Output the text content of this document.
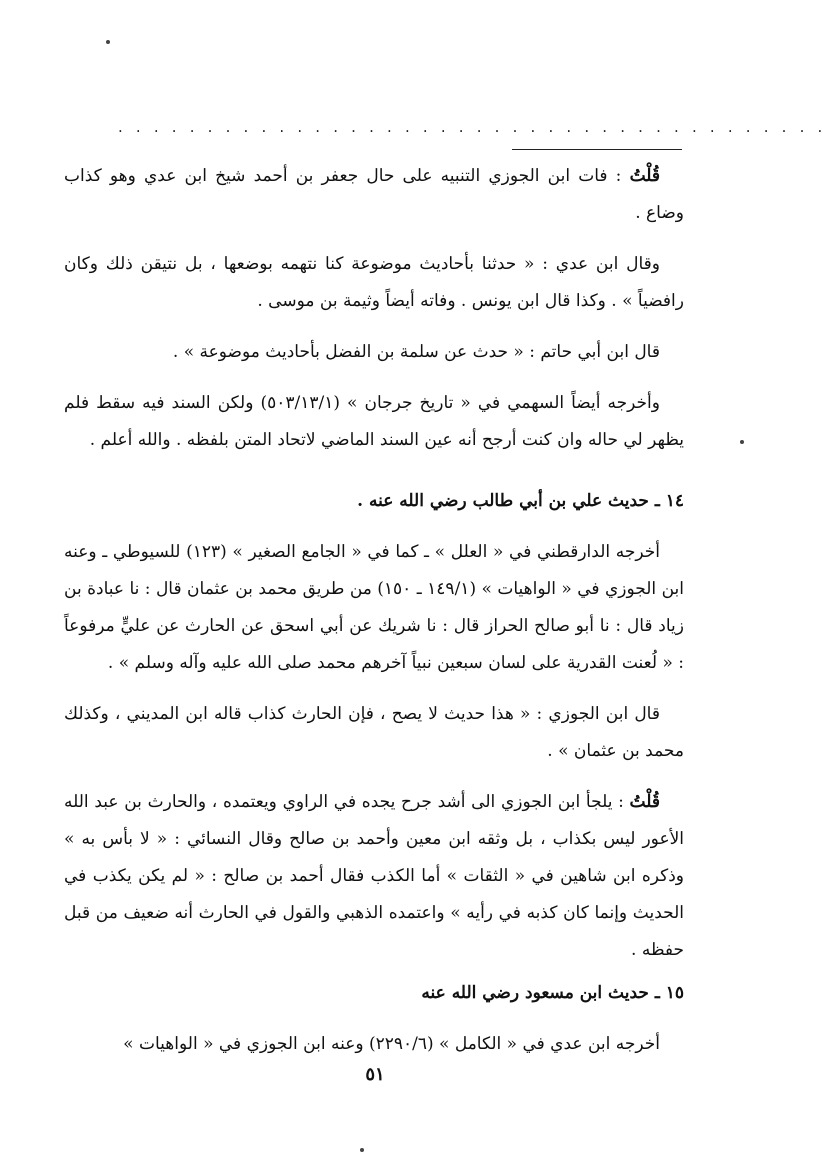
. . . . . . . . . . . . . . . . . . . . . . . . . . . . . . . . . . . . . . . .

قُلْتُ : فات ابن الجوزي التنبيه على حال جعفر بن أحمد شيخ ابن عدي وهو كذاب وضاع .

وقال ابن عدي : « حدثنا بأحاديث موضوعة كنا نتهمه بوضعها ، بل نتيقن ذلك وكان رافضياً » . وكذا قال ابن يونس . وفاته أيضاً وثيمة بن موسى .

قال ابن أبي حاتم : « حدث عن سلمة بن الفضل بأحاديث موضوعة » .

وأخرجه أيضاً السهمي في « تاريخ جرجان » (٥٠٣/١٣/١) ولكن السند فيه سقط فلم يظهر لي حاله وان كنت أرجح أنه عين السند الماضي لاتحاد المتن بلفظه . والله أعلم .

١٤ ـ حديث علي بن أبي طالب رضي الله عنه .

أخرجه الدارقطني في « العلل » ـ كما في « الجامع الصغير » (١٢٣) للسيوطي ـ وعنه ابن الجوزي في « الواهيات » (١٤٩/١ ـ ١٥٠) من طريق محمد بن عثمان قال : نا عبادة بن زياد قال : نا أبو صالح الحراز قال : نا شريك عن أبي اسحق عن الحارث عن عليٍّ مرفوعاً : « لُعنت القدرية على لسان سبعين نبياً آخرهم محمد صلى الله عليه وآله وسلم » .

قال ابن الجوزي : « هذا حديث لا يصح ، فإن الحارث كذاب قاله ابن المديني ، وكذلك محمد بن عثمان » .

قُلْتُ : يلجأ ابن الجوزي الى أشد جرح يجده في الراوي ويعتمده ، والحارث بن عبد الله الأعور ليس بكذاب ، بل وثقه ابن معين وأحمد بن صالح وقال النسائي : « لا بأس به » وذكره ابن شاهين في « الثقات » أما الكذب فقال أحمد بن صالح : « لم يكن يكذب في الحديث وإنما كان كذبه في رأيه » واعتمده الذهبي والقول في الحارث أنه ضعيف من قبل حفظه .

١٥ ـ حديث ابن مسعود رضي الله عنه

أخرجه ابن عدي في « الكامل » (٢٢٩٠/٦) وعنه ابن الجوزي في « الواهيات »

٥١
